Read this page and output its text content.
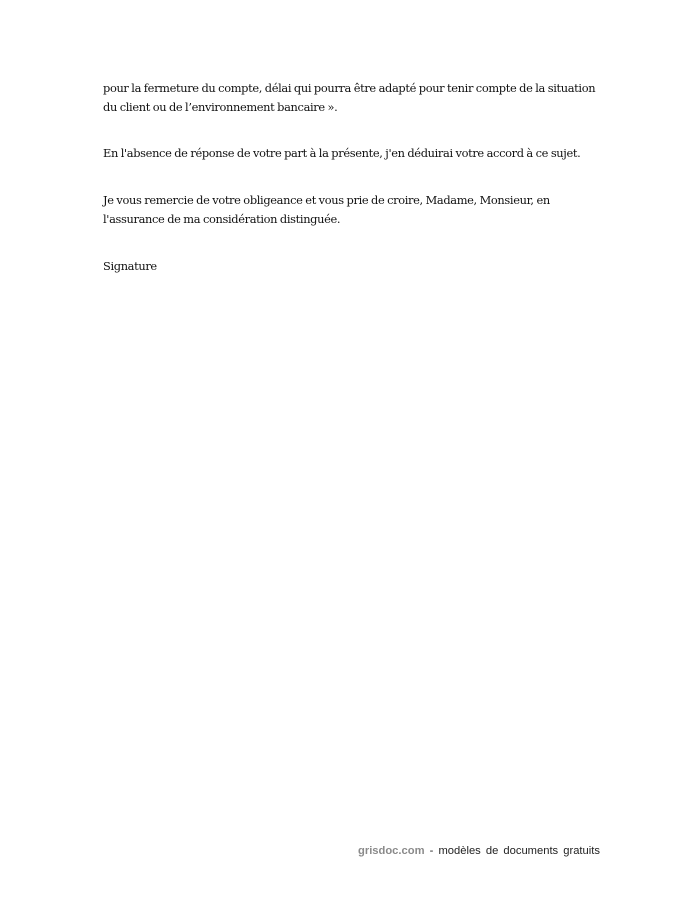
pour la fermeture du compte, délai qui pourra être adapté pour tenir compte de la situation
du client ou de l’environnement bancaire ».
En l'absence de réponse de votre part à la présente, j'en déduirai votre accord à ce sujet.
Je vous remercie de votre obligeance et vous prie de croire, Madame, Monsieur, en
l'assurance de ma considération distinguée.
Signature
grisdoc.com - modèles de documents gratuits
